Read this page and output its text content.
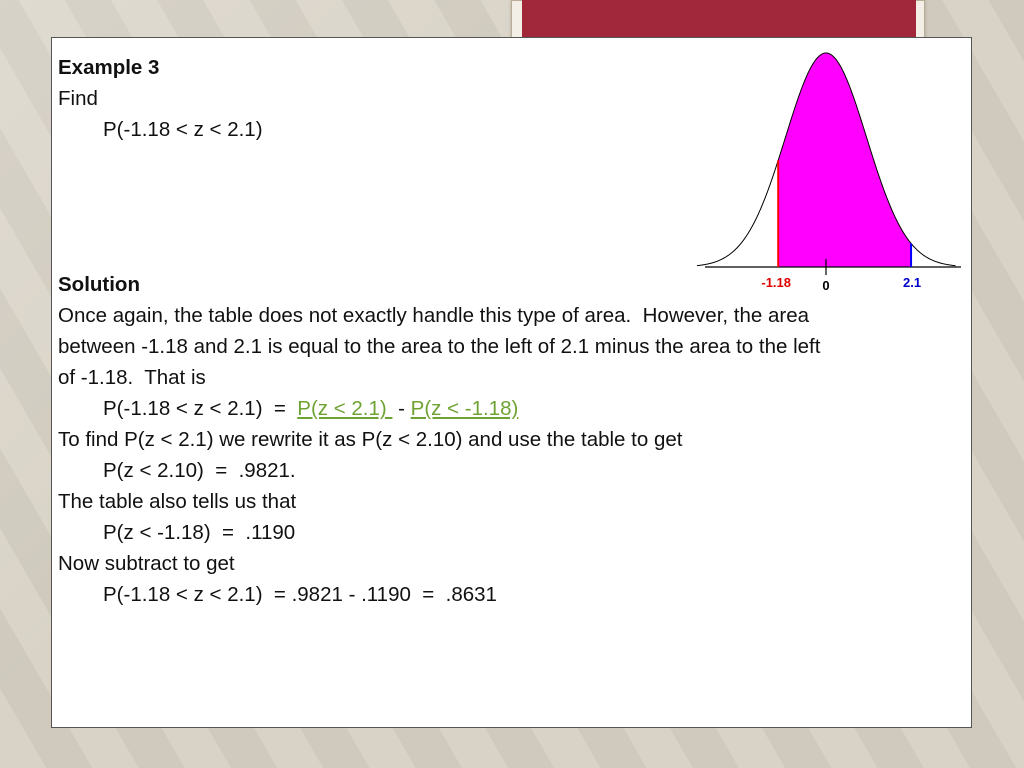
Example 3
Find
P(-1.18 < z < 2.1)
Solution
Once again, the table does not exactly handle this type of area.  However, the area
between -1.18 and 2.1 is equal to the area to the left of 2.1 minus the area to the left
of -1.18.  That is
P(-1.18 < z < 2.1)  =  P(z < 2.1)  - P(z < -1.18)
To find P(z < 2.1) we rewrite it as P(z < 2.10) and use the table to get
P(z < 2.10)  =  .9821.
The table also tells us that
P(z < -1.18)  =  .1190
Now subtract to get
P(-1.18 < z < 2.1)  = .9821 - .1190  =  .8631
-1.18 0	2.1
